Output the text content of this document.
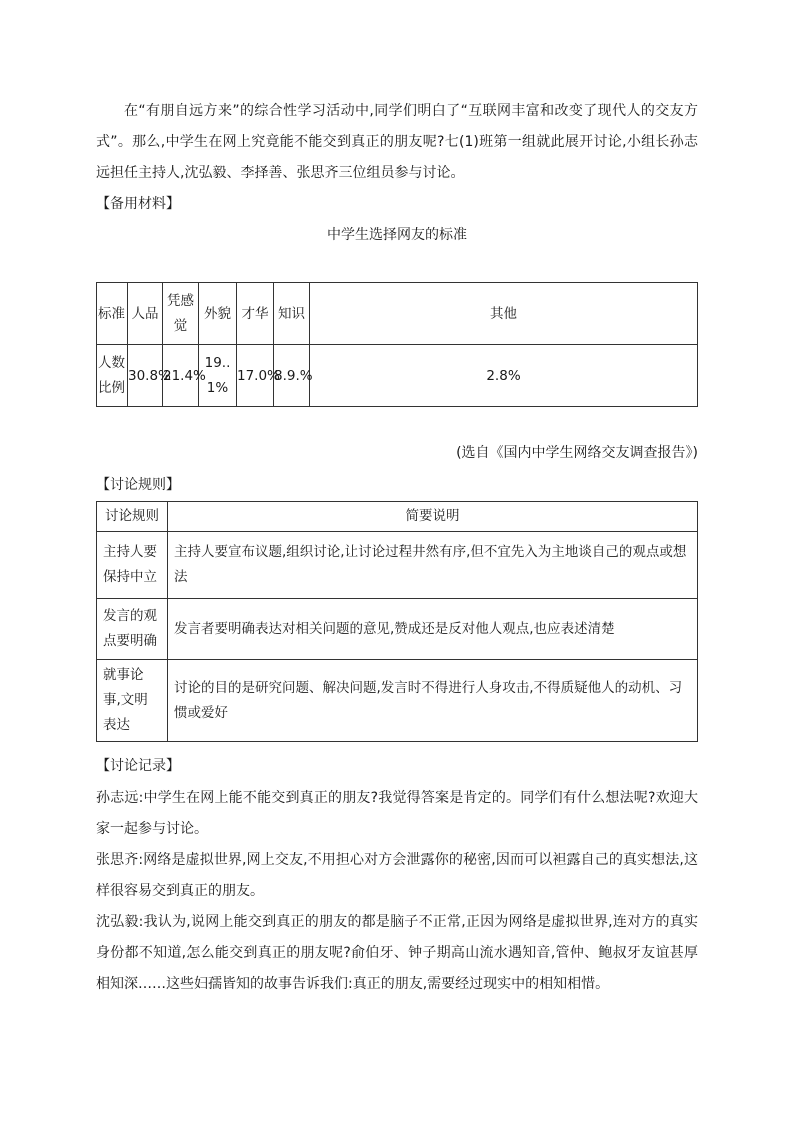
在“有朋自远方来”的综合性学习活动中,同学们明白了“互联网丰富和改变了现代人的交友方式”。那么,中学生在网上究竟能不能交到真正的朋友呢?七(1)班第一组就此展开讨论,小组长孙志远担任主持人,沈弘毅、李择善、张思齐三位组员参与讨论。

【备用材料】

中学生选择网友的标准

标准	人品	凭感觉	外貌	才华	知识	其他
人数比例	30.8%	21.4%	19..1%	17.0%	8.9.%	2.8%

(选自《国内中学生网络交友调查报告》)

【讨论规则】

讨论规则	简要说明
主持人要保持中立	主持人要宣布议题,组织讨论,让讨论过程井然有序,但不宜先入为主地谈自己的观点或想法
发言的观点要明确	发言者要明确表达对相关问题的意见,赞成还是反对他人观点,也应表述清楚
就事论事,文明表达	讨论的目的是研究问题、解决问题,发言时不得进行人身攻击,不得质疑他人的动机、习惯或爱好

【讨论记录】

孙志远:中学生在网上能不能交到真正的朋友?我觉得答案是肯定的。同学们有什么想法呢?欢迎大家一起参与讨论。

张思齐:网络是虚拟世界,网上交友,不用担心对方会泄露你的秘密,因而可以袒露自己的真实想法,这样很容易交到真正的朋友。

沈弘毅:我认为,说网上能交到真正的朋友的都是脑子不正常,正因为网络是虚拟世界,连对方的真实身份都不知道,怎么能交到真正的朋友呢?俞伯牙、钟子期高山流水遇知音,管仲、鲍叔牙友谊甚厚相知深……这些妇孺皆知的故事告诉我们:真正的朋友,需要经过现实中的相知相惜。
